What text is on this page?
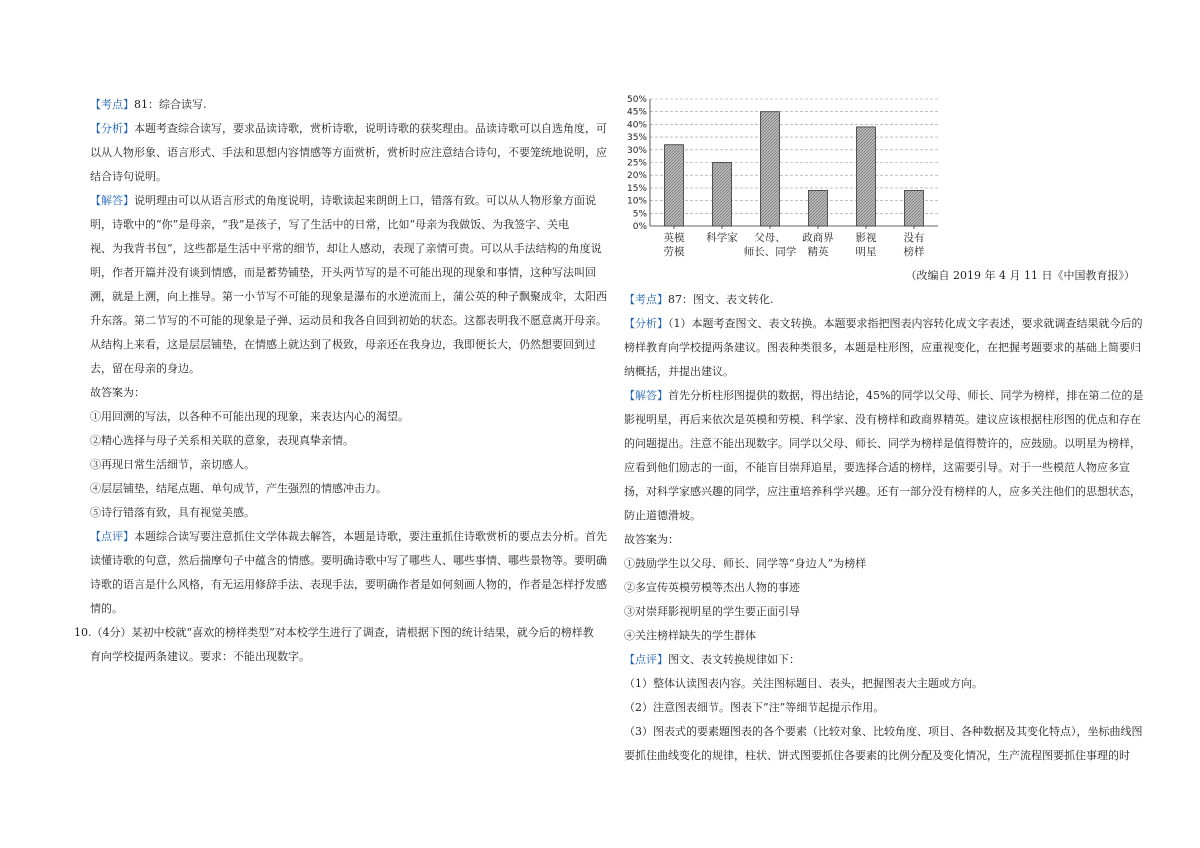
【考点】81：综合读写.

【分析】本题考查综合读写，要求品读诗歌，赏析诗歌，说明诗歌的获奖理由。品读诗歌可以自选角度，可

以从人物形象、语言形式、手法和思想内容情感等方面赏析，赏析时应注意结合诗句，不要笼统地说明，应

结合诗句说明。

【解答】说明理由可以从语言形式的角度说明，诗歌读起来朗朗上口，错落有致。可以从人物形象方面说

明，诗歌中的“你”是母亲，“我”是孩子，写了生活中的日常，比如“母亲为我做饭、为我签字、关电

视、为我背书包”，这些都是生活中平常的细节，却让人感动，表现了亲情可贵。可以从手法结构的角度说

明，作者开篇并没有谈到情感，而是蓄势铺垫，开头两节写的是不可能出现的现象和事情，这种写法叫回

溯，就是上溯，向上推导。第一小节写不可能的现象是瀑布的水逆流而上，蒲公英的种子飘聚成伞，太阳西

升东落。第二节写的不可能的现象是子弹、运动员和我各自回到初始的状态。这都表明我不愿意离开母亲。

从结构上来看，这是层层铺垫，在情感上就达到了极致，母亲还在我身边，我即便长大，仍然想要回到过

去，留在母亲的身边。

故答案为：

①用回溯的写法，以各种不可能出现的现象，来表达内心的渴望。

②精心选择与母子关系相关联的意象，表现真挚亲情。

③再现日常生活细节，亲切感人。

④层层铺垫，结尾点题、单句成节，产生强烈的情感冲击力。

⑤诗行错落有致，具有视觉美感。

【点评】本题综合读写要注意抓住文学体裁去解答，本题是诗歌，要注重抓住诗歌赏析的要点去分析。首先

读懂诗歌的句意，然后揣摩句子中蕴含的情感。要明确诗歌中写了哪些人、哪些事情、哪些景物等。要明确

诗歌的语言是什么风格，有无运用修辞手法、表现手法，要明确作者是如何刻画人物的，作者是怎样抒发感

情的。

10.（4分）某初中校就“喜欢的榜样类型”对本校学生进行了调查，请根据下图的统计结果，就今后的榜样教

育向学校提两条建议。要求：不能出现数字。

0%
5%
10%
15%
20%
25%
30%
35%
40%
45%
50%
英模
劳模
科学家 父母、
师长、同学
政商界
精英
影视
明星
没有
榜样

（改编自 2019 年 4 月 11 日《中国教育报》）

【考点】87：图文、表文转化.

【分析】（1）本题考查图文、表文转换。本题要求指把图表内容转化成文字表述，要求就调查结果就今后的

榜样教育向学校提两条建议。图表种类很多，本题是柱形图，应重视变化，在把握考题要求的基础上简要归

纳概括，并提出建议。

【解答】首先分析柱形图提供的数据，得出结论，45%的同学以父母、师长、同学为榜样，排在第二位的是

影视明星，再后来依次是英模和劳模、科学家、没有榜样和政商界精英。建议应该根据柱形图的优点和存在

的问题提出。注意不能出现数字。同学以父母、师长、同学为榜样是值得赞许的，应鼓励。以明星为榜样，

应看到他们励志的一面，不能盲目崇拜追星，要选择合适的榜样，这需要引导。对于一些模范人物应多宣

扬，对科学家感兴趣的同学，应注重培养科学兴趣。还有一部分没有榜样的人，应多关注他们的思想状态，

防止道德滑坡。

故答案为：

①鼓励学生以父母、师长、同学等“身边人”为榜样

②多宣传英模劳模等杰出人物的事迹

③对崇拜影视明星的学生要正面引导

④关注榜样缺失的学生群体

【点评】图文、表文转换规律如下：

（1）整体认读图表内容。关注图标题目、表头，把握图表大主题或方向。

（2）注意图表细节。图表下“注”等细节起提示作用。

（3）图表式的要素題图表的各个要素（比较对象、比较角度、项目、各种数据及其变化特点），坐标曲线图

要抓住曲线变化的规律，柱状、饼式图要抓住各要素的比例分配及变化情况，生产流程图要抓住事理的时
